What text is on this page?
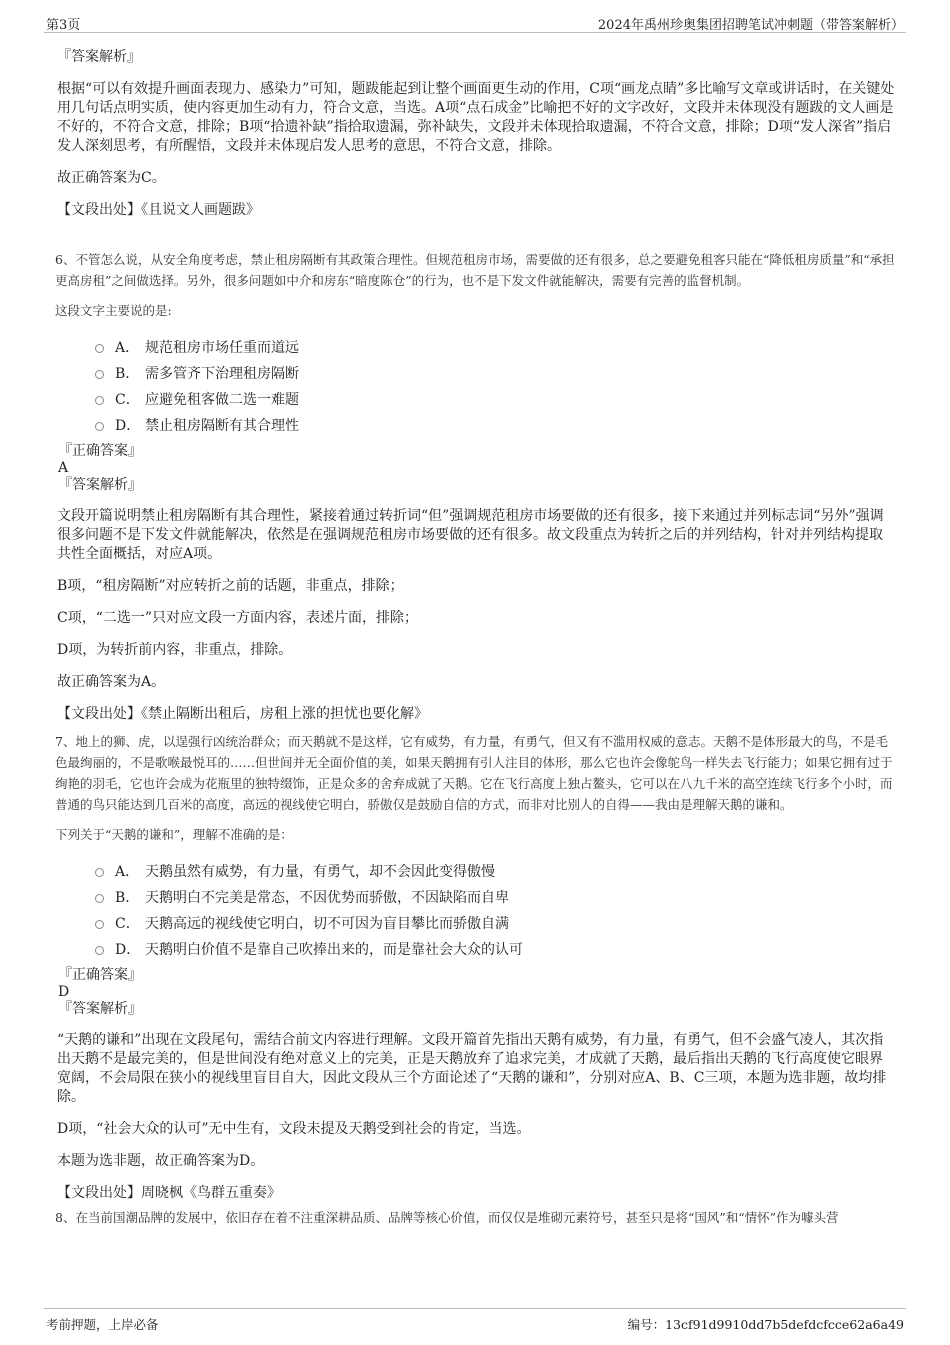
第3页	2024年禹州珍奥集团招聘笔试冲刺题（带答案解析）

『答案解析』

根据“可以有效提升画面表现力、感染力”可知，题跋能起到让整个画面更生动的作用，C项“画龙点睛”多比喻写文章或讲话时，在关键处用几句话点明实质，使内容更加生动有力，符合文意，当选。A项“点石成金”比喻把不好的文字改好，文段并未体现没有题跋的文人画是不好的，不符合文意，排除；B项“拾遗补缺”指拾取遗漏，弥补缺失，文段并未体现拾取遗漏，不符合文意，排除；D项“发人深省”指启发人深刻思考，有所醒悟，文段并未体现启发人思考的意思，不符合文意，排除。

故正确答案为C。

【文段出处】《且说文人画题跋》

6、不管怎么说，从安全角度考虑，禁止租房隔断有其政策合理性。但规范租房市场，需要做的还有很多，总之要避免租客只能在“降低租房质量”和“承担更高房租”之间做选择。另外，很多问题如中介和房东“暗度陈仓”的行为，也不是下发文件就能解决，需要有完善的监督机制。

这段文字主要说的是:

A． 规范租房市场任重而道远
B． 需多管齐下治理租房隔断
C． 应避免租客做二选一难题
D． 禁止租房隔断有其合理性

『正确答案』

A

『答案解析』

文段开篇说明禁止租房隔断有其合理性，紧接着通过转折词“但”强调规范租房市场要做的还有很多，接下来通过并列标志词“另外”强调很多问题不是下发文件就能解决，依然是在强调规范租房市场要做的还有很多。故文段重点为转折之后的并列结构，针对并列结构提取共性全面概括，对应A项。

B项，“租房隔断”对应转折之前的话题，非重点，排除；

C项，“二选一”只对应文段一方面内容，表述片面，排除；

D项，为转折前内容，非重点，排除。

故正确答案为A。

【文段出处】《禁止隔断出租后，房租上涨的担忧也要化解》

7、地上的狮、虎，以逞强行凶统治群众；而天鹅就不是这样，它有威势，有力量，有勇气，但又有不滥用权威的意志。天鹅不是体形最大的鸟，不是毛色最绚丽的，不是歌喉最悦耳的……但世间并无全面价值的美，如果天鹅拥有引人注目的体形，那么它也许会像鸵鸟一样失去飞行能力；如果它拥有过于绚艳的羽毛，它也许会成为花瓶里的独特缀饰，正是众多的舍弃成就了天鹅。它在飞行高度上独占鳌头，它可以在八九千米的高空连续飞行多个小时，而普通的鸟只能达到几百米的高度，高远的视线使它明白，骄傲仅是鼓励自信的方式，而非对比别人的自得——我由是理解天鹅的谦和。

下列关于“天鹅的谦和”，理解不准确的是：

A． 天鹅虽然有威势，有力量，有勇气，却不会因此变得傲慢
B． 天鹅明白不完美是常态，不因优势而骄傲，不因缺陷而自卑
C． 天鹅高远的视线使它明白，切不可因为盲目攀比而骄傲自满
D． 天鹅明白价值不是靠自己吹捧出来的，而是靠社会大众的认可

『正确答案』

D

『答案解析』

“天鹅的谦和”出现在文段尾句，需结合前文内容进行理解。文段开篇首先指出天鹅有威势，有力量，有勇气，但不会盛气凌人，其次指出天鹅不是最完美的，但是世间没有绝对意义上的完美，正是天鹅放弃了追求完美，才成就了天鹅，最后指出天鹅的飞行高度使它眼界宽阔，不会局限在狭小的视线里盲目自大，因此文段从三个方面论述了“天鹅的谦和”，分别对应A、B、C三项，本题为选非题，故均排除。

D项，“社会大众的认可”无中生有，文段未提及天鹅受到社会的肯定，当选。

本题为选非题，故正确答案为D。

【文段出处】周晓枫《鸟群五重奏》

8、在当前国潮品牌的发展中，依旧存在着不注重深耕品质、品牌等核心价值，而仅仅是堆砌元素符号，甚至只是将“国风”和“情怀”作为噱头营

考前押题，上岸必备	编号：13cf91d9910dd7b5defdcfcce62a6a49
